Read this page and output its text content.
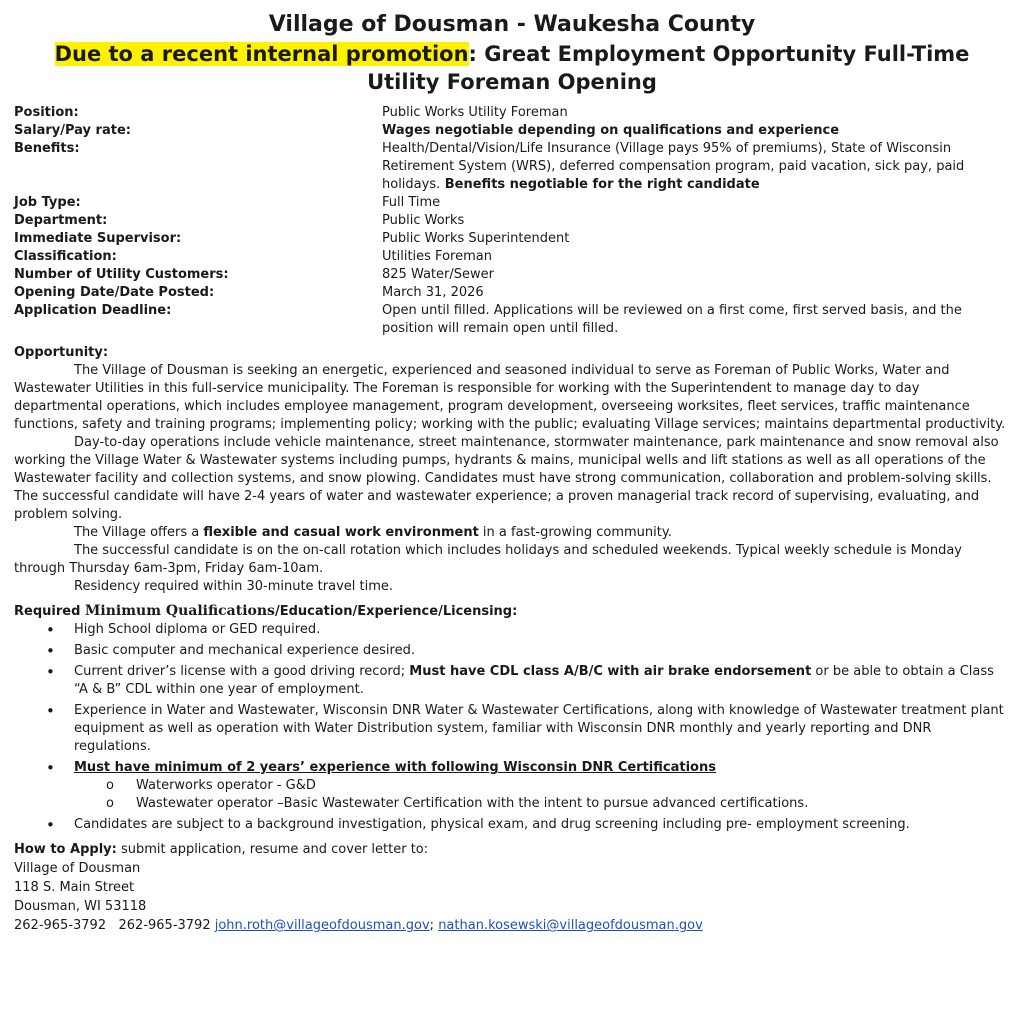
Village of Dousman - Waukesha County
Due to a recent internal promotion: Great Employment Opportunity Full-Time
Utility Foreman Opening
Position:	Public Works Utility Foreman
Salary/Pay rate:	Wages negotiable depending on qualifications and experience
Benefits:	Health/Dental/Vision/Life Insurance (Village pays 95% of premiums), State of Wisconsin Retirement System (WRS), deferred compensation program, paid vacation, sick pay, paid holidays. Benefits negotiable for the right candidate
Job Type:	Full Time
Department:	Public Works
Immediate Supervisor:	Public Works Superintendent
Classification:	Utilities Foreman
Number of Utility Customers:	825 Water/Sewer
Opening Date/Date Posted:	March 31, 2026
Application Deadline:	Open until filled. Applications will be reviewed on a first come, first served basis, and the position will remain open until filled.
Opportunity:

The Village of Dousman is seeking an energetic, experienced and seasoned individual to serve as Foreman of Public Works, Water and Wastewater Utilities in this full-service municipality. The Foreman is responsible for working with the Superintendent to manage day to day departmental operations, which includes employee management, program development, overseeing worksites, fleet services, traffic maintenance functions, safety and training programs; implementing policy; working with the public; evaluating Village services; maintains departmental productivity.

Day-to-day operations include vehicle maintenance, street maintenance, stormwater maintenance, park maintenance and snow removal also working the Village Water & Wastewater systems including pumps, hydrants & mains, municipal wells and lift stations as well as all operations of the Wastewater facility and collection systems, and snow plowing. Candidates must have strong communication, collaboration and problem-solving skills. The successful candidate will have 2-4 years of water and wastewater experience; a proven managerial track record of supervising, evaluating, and problem solving.

The Village offers a flexible and casual work environment in a fast-growing community.

The successful candidate is on the on-call rotation which includes holidays and scheduled weekends. Typical weekly schedule is Monday through Thursday 6am-3pm, Friday 6am-10am.

Residency required within 30-minute travel time.

Required Minimum Qualifications/Education/Experience/Licensing:
• High School diploma or GED required.
• Basic computer and mechanical experience desired.
• Current driver’s license with a good driving record; Must have CDL class A/B/C with air brake endorsement or be able to obtain a Class “A & B” CDL within one year of employment.
• Experience in Water and Wastewater, Wisconsin DNR Water & Wastewater Certifications, along with knowledge of Wastewater treatment plant equipment as well as operation with Water Distribution system, familiar with Wisconsin DNR monthly and yearly reporting and DNR regulations.
• Must have minimum of 2 years’ experience with following Wisconsin DNR Certifications
o Waterworks operator - G&D
o Wastewater operator –Basic Wastewater Certification with the intent to pursue advanced certifications.
• Candidates are subject to a background investigation, physical exam, and drug screening including pre- employment screening.
How to Apply: submit application, resume and cover letter to:
Village of Dousman
118 S. Main Street
Dousman, WI 53118
262-965-3792 262-965-3792 john.roth@villageofdousman.gov; nathan.kosewski@villageofdousman.gov
